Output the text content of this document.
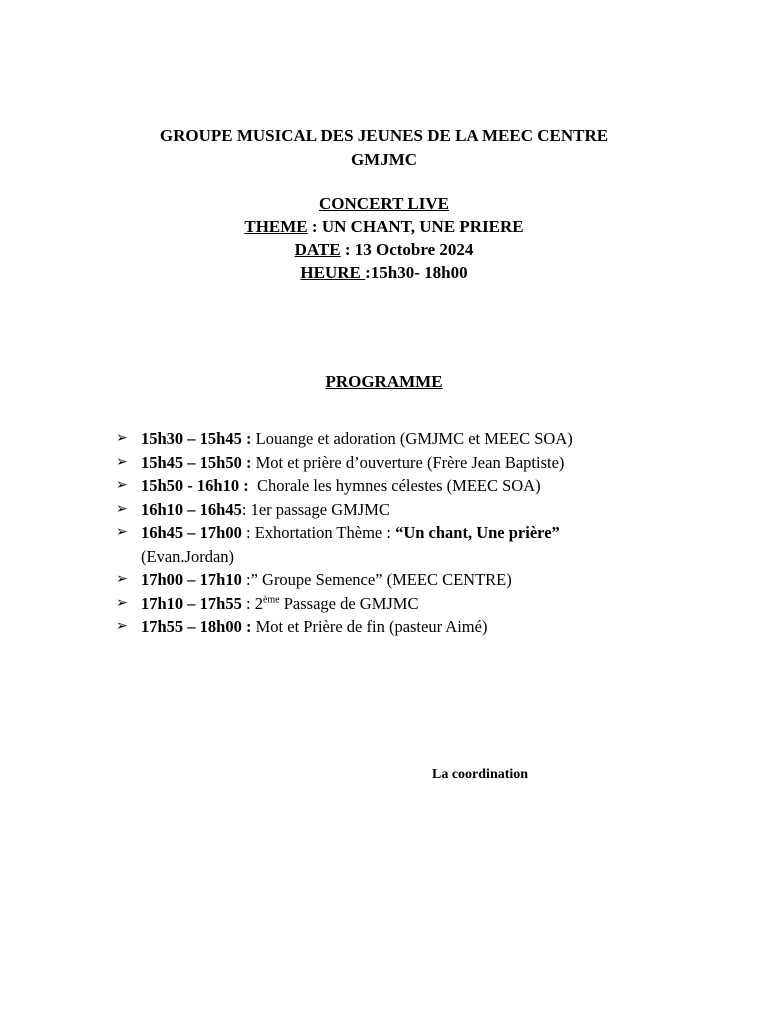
GROUPE MUSICAL DES JEUNES DE LA MEEC CENTRE
GMJMC
CONCERT LIVE
THEME : UN CHANT, UNE PRIERE
DATE : 13 Octobre 2024
HEURE :15h30- 18h00
PROGRAMME
➢ 15h30 – 15h45 : Louange et adoration (GMJMC et MEEC SOA)
➢ 15h45 – 15h50 : Mot et prière d’ouverture (Frère Jean Baptiste)
➢ 15h50 - 16h10 :  Chorale les hymnes célestes (MEEC SOA)
➢ 16h10 – 16h45: 1er passage GMJMC
➢ 16h45 – 17h00 : Exhortation Thème : “Un chant, Une prière”
(Evan.Jordan)
➢ 17h00 – 17h10 :” Groupe Semence” (MEEC CENTRE)
➢ 17h10 – 17h55 : 2ème Passage de GMJMC
➢ 17h55 – 18h00 : Mot et Prière de fin (pasteur Aimé)
La coordination
